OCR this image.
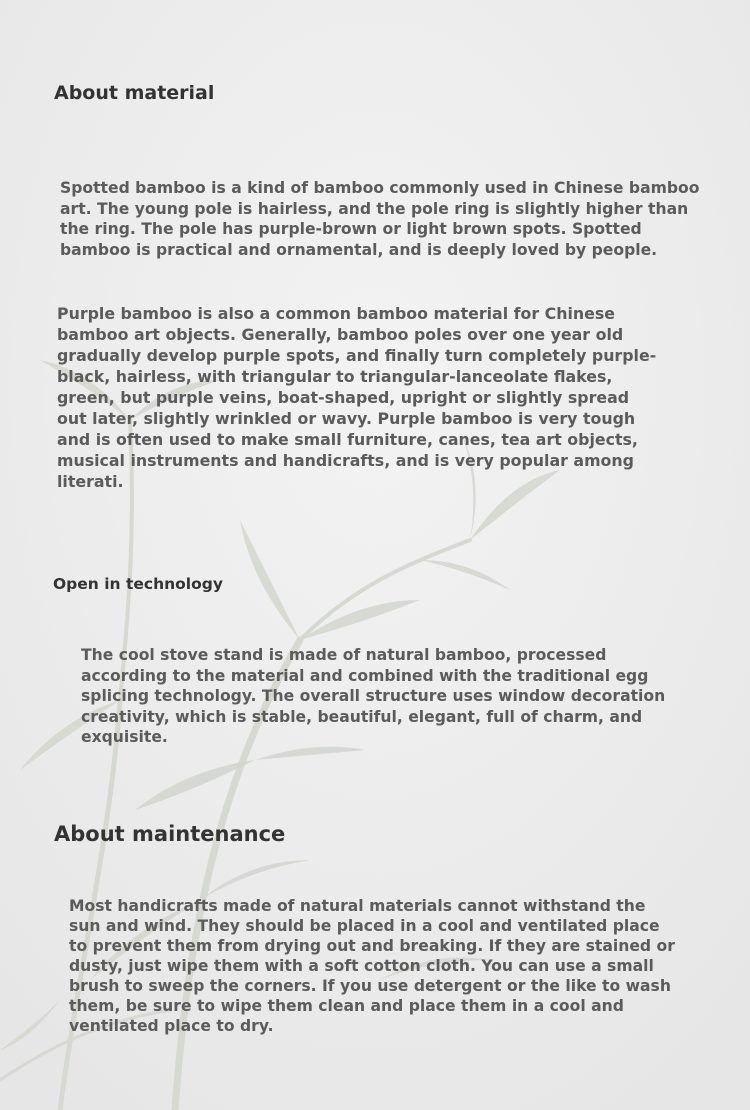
About material

Spotted bamboo is a kind of bamboo commonly used in Chinese bamboo art. The young pole is hairless, and the pole ring is slightly higher than the ring. The pole has purple-brown or light brown spots. Spotted bamboo is practical and ornamental, and is deeply loved by people.

Purple bamboo is also a common bamboo material for Chinese bamboo art objects. Generally, bamboo poles over one year old gradually develop purple spots, and finally turn completely purple-black, hairless, with triangular to triangular-lanceolate flakes, green, but purple veins, boat-shaped, upright or slightly spread out later, slightly wrinkled or wavy. Purple bamboo is very tough and is often used to make small furniture, canes, tea art objects, musical instruments and handicrafts, and is very popular among literati.

Open in technology

The cool stove stand is made of natural bamboo, processed according to the material and combined with the traditional egg splicing technology. The overall structure uses window decoration creativity, which is stable, beautiful, elegant, full of charm, and exquisite.

About maintenance

Most handicrafts made of natural materials cannot withstand the sun and wind. They should be placed in a cool and ventilated place to prevent them from drying out and breaking. If they are stained or dusty, just wipe them with a soft cotton cloth. You can use a small brush to sweep the corners. If you use detergent or the like to wash them, be sure to wipe them clean and place them in a cool and ventilated place to dry.
